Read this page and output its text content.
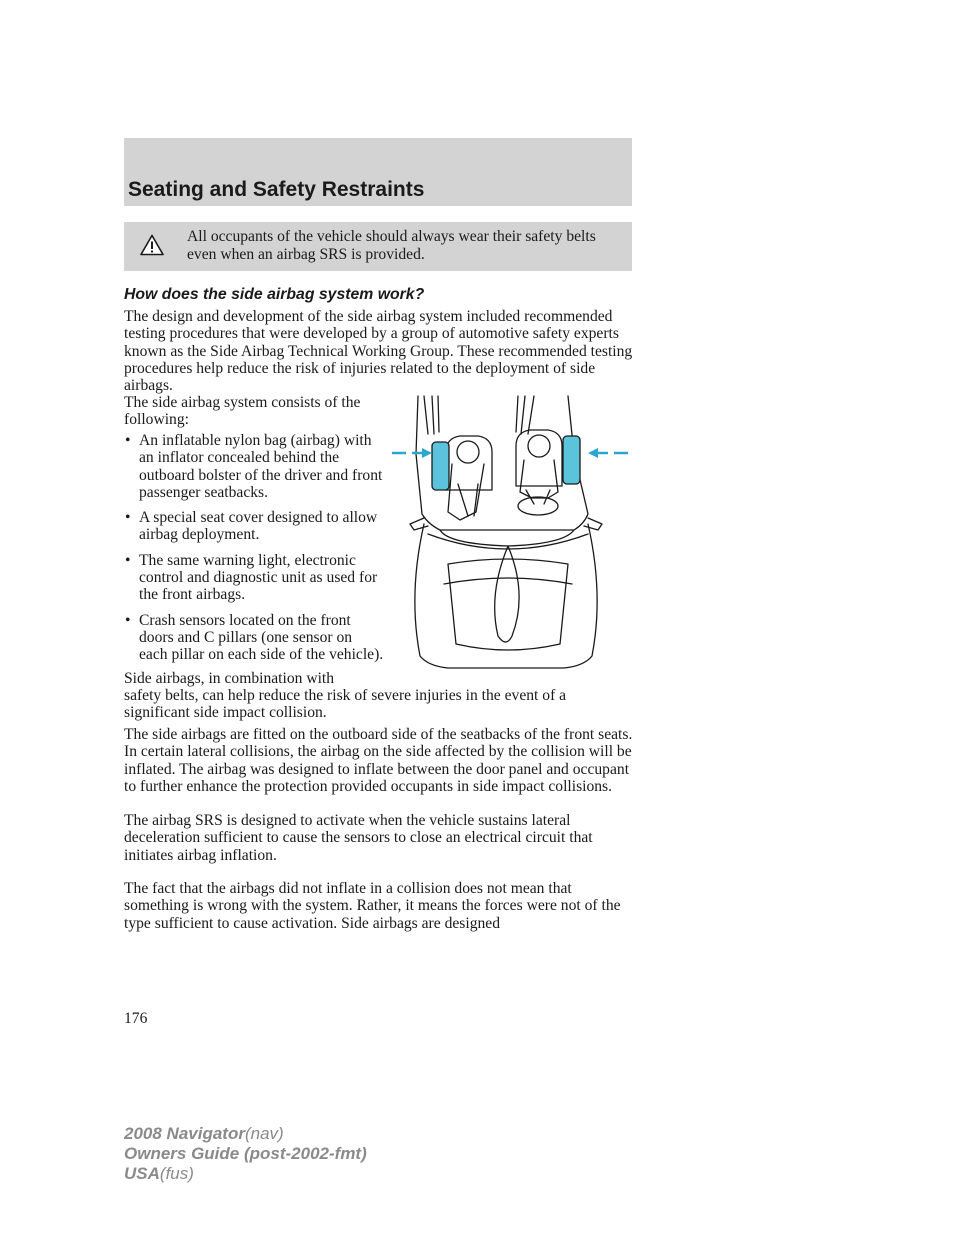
Seating and Safety Restraints
All occupants of the vehicle should always wear their safety belts even when an airbag SRS is provided.
How does the side airbag system work?

The design and development of the side airbag system included recommended testing procedures that were developed by a group of automotive safety experts known as the Side Airbag Technical Working Group. These recommended testing procedures help reduce the risk of injuries related to the deployment of side airbags.

The side airbag system consists of the following:

• An inflatable nylon bag (airbag) with an inflator concealed behind the outboard bolster of the driver and front passenger seatbacks.
• A special seat cover designed to allow airbag deployment.
• The same warning light, electronic control and diagnostic unit as used for the front airbags.
• Crash sensors located on the front doors and C pillars (one sensor on each pillar on each side of the vehicle).

Side airbags, in combination with

safety belts, can help reduce the risk of severe injuries in the event of a significant side impact collision.

The side airbags are fitted on the outboard side of the seatbacks of the front seats. In certain lateral collisions, the airbag on the side affected by the collision will be inflated. The airbag was designed to inflate between the door panel and occupant to further enhance the protection provided occupants in side impact collisions.

The airbag SRS is designed to activate when the vehicle sustains lateral deceleration sufficient to cause the sensors to close an electrical circuit that initiates airbag inflation.

The fact that the airbags did not inflate in a collision does not mean that something is wrong with the system. Rather, it means the forces were not of the type sufficient to cause activation. Side airbags are designed

176
2008 Navigator(nav)
Owners Guide (post-2002-fmt)
USA(fus)
